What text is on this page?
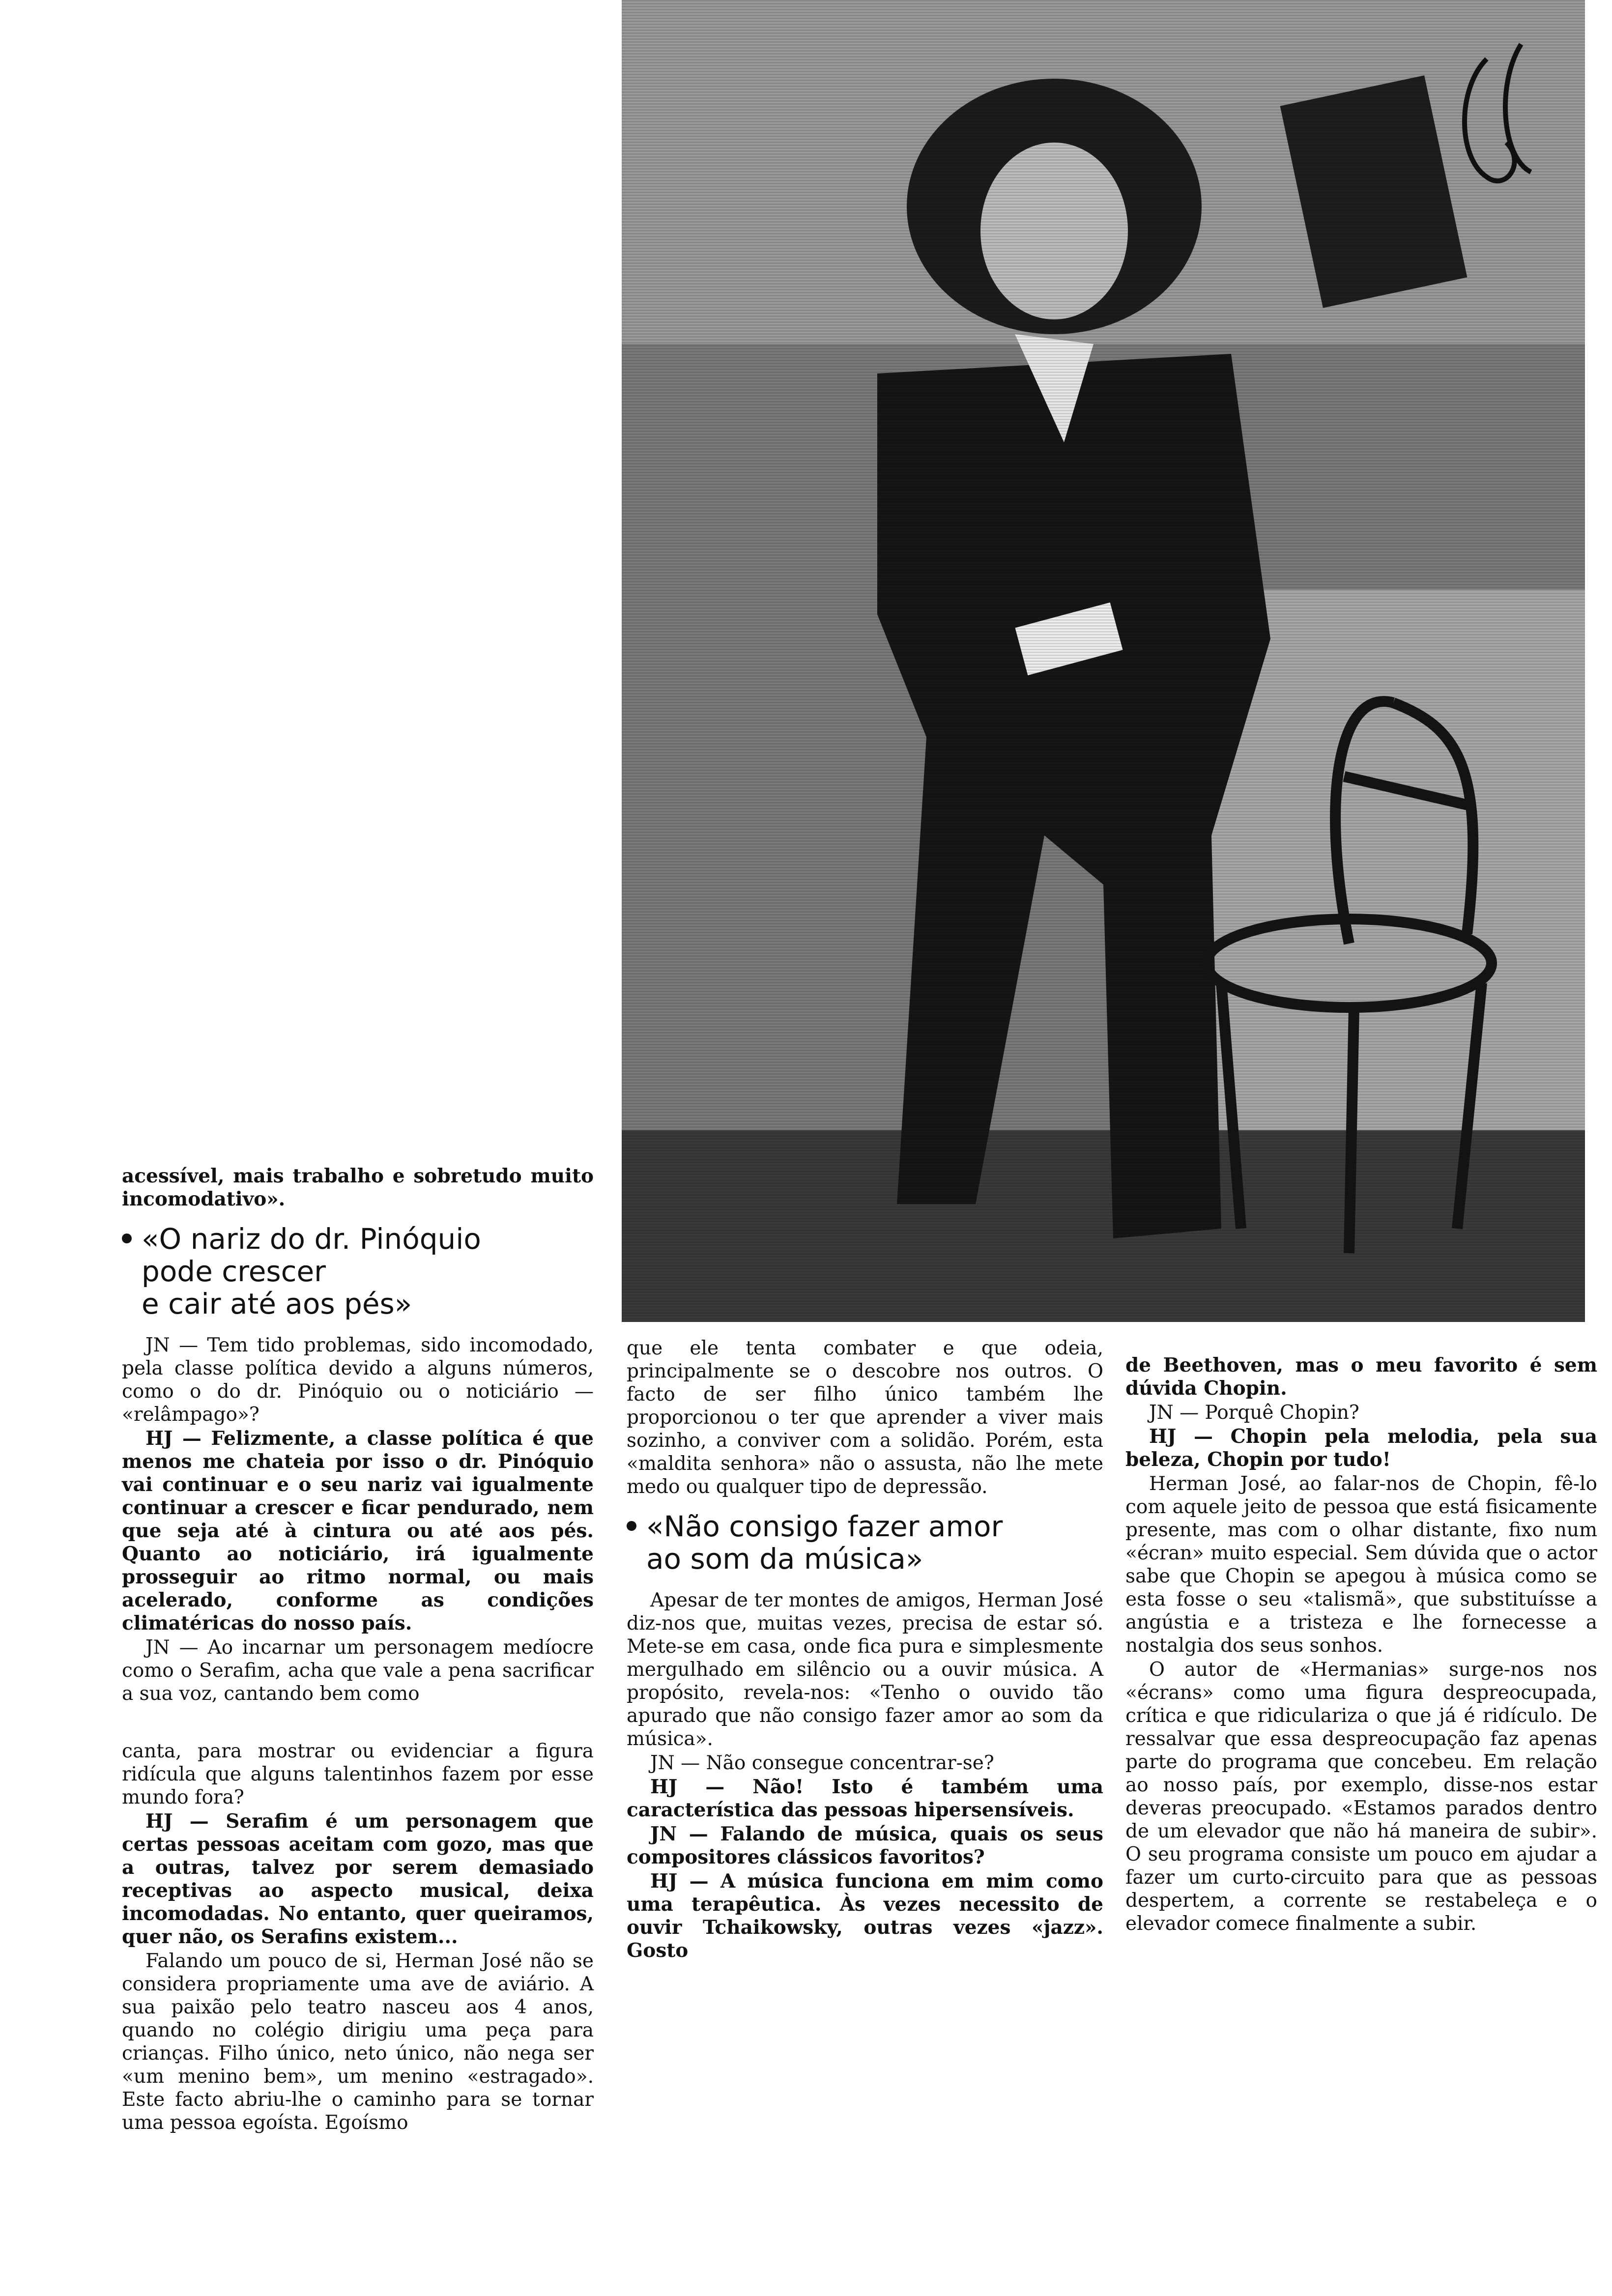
acessível, mais trabalho e sobretudo muito incomodativo».

«O nariz do dr. Pinóquio
pode crescer
e cair até aos pés»

JN — Tem tido problemas, sido incomodado, pela classe política devido a alguns números, como o do dr. Pinóquio ou o noticiário — «relâmpago»?

HJ — Felizmente, a classe política é que menos me chateia por isso o dr. Pinóquio vai continuar e o seu nariz vai igualmente continuar a crescer e ficar pendurado, nem que seja até à cintura ou até aos pés. Quanto ao noticiário, irá igualmente prosseguir ao ritmo normal, ou mais acelerado, conforme as condições climatéricas do nosso país.

JN — Ao incarnar um personagem medíocre como o Serafim, acha que vale a pena sacrificar a sua voz, cantando bem como

canta, para mostrar ou evidenciar a figura ridícula que alguns talentinhos fazem por esse mundo fora?

HJ — Serafim é um personagem que certas pessoas aceitam com gozo, mas que a outras, talvez por serem demasiado receptivas ao aspecto musical, deixa incomodadas. No entanto, quer queiramos, quer não, os Serafins existem...

Falando um pouco de si, Herman José não se considera propriamente uma ave de aviário. A sua paixão pelo teatro nasceu aos 4 anos, quando no colégio dirigiu uma peça para crianças. Filho único, neto único, não nega ser «um menino bem», um menino «estragado». Este facto abriu-lhe o caminho para se tornar uma pessoa egoísta. Egoísmo

que ele tenta combater e que odeia, principalmente se o descobre nos outros. O facto de ser filho único também lhe proporcionou o ter que aprender a viver mais sozinho, a conviver com a solidão. Porém, esta «maldita senhora» não o assusta, não lhe mete medo ou qualquer tipo de depressão.

«Não consigo fazer amor
ao som da música»

Apesar de ter montes de amigos, Herman José diz-nos que, muitas vezes, precisa de estar só. Mete-se em casa, onde fica pura e simplesmente mergulhado em silêncio ou a ouvir música. A propósito, revela-nos: «Tenho o ouvido tão apurado que não consigo fazer amor ao som da música».

JN — Não consegue concentrar-se?

HJ — Não! Isto é também uma característica das pessoas hipersensíveis.

JN — Falando de música, quais os seus compositores clássicos favoritos?

HJ — A música funciona em mim como uma terapêutica. Às vezes necessito de ouvir Tchaikowsky, outras vezes «jazz». Gosto

de Beethoven, mas o meu favorito é sem dúvida Chopin.

JN — Porquê Chopin?

HJ — Chopin pela melodia, pela sua beleza, Chopin por tudo!

Herman José, ao falar-nos de Chopin, fê-lo com aquele jeito de pessoa que está fisicamente presente, mas com o olhar distante, fixo num «écran» muito especial. Sem dúvida que o actor sabe que Chopin se apegou à música como se esta fosse o seu «talismã», que substituísse a angústia e a tristeza e lhe fornecesse a nostalgia dos seus sonhos.

O autor de «Hermanias» surge-nos nos «écrans» como uma figura despreocupada, crítica e que ridiculariza o que já é ridículo. De ressalvar que essa despreocupação faz apenas parte do programa que concebeu. Em relação ao nosso país, por exemplo, disse-nos estar deveras preocupado. «Estamos parados dentro de um elevador que não há maneira de subir». O seu programa consiste um pouco em ajudar a fazer um curto-circuito para que as pessoas despertem, a corrente se restabeleça e o elevador comece finalmente a subir.
